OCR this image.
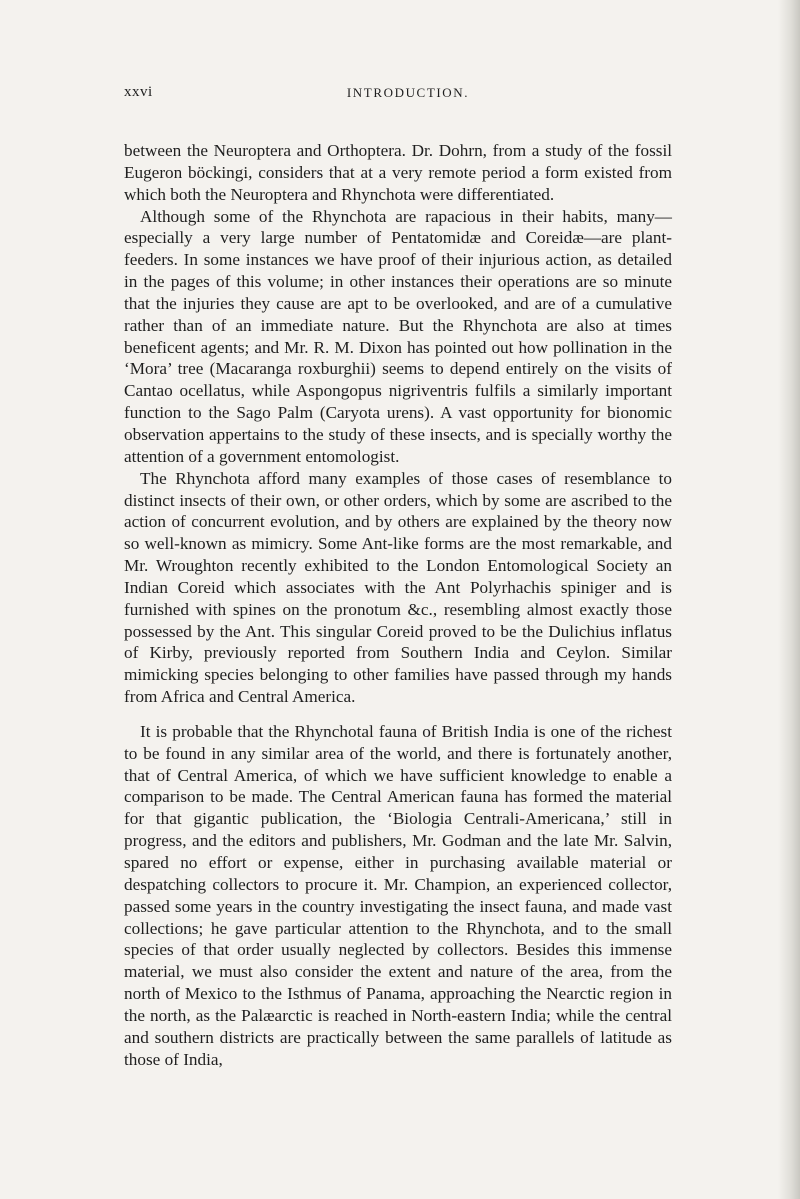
xxvi	INTRODUCTION.

between the Neuroptera and Orthoptera. Dr. Dohrn, from a study of the fossil Eugeron böckingi, considers that at a very remote period a form existed from which both the Neuroptera and Rhynchota were differentiated.

Although some of the Rhynchota are rapacious in their habits, many—especially a very large number of Pentatomidæ and Coreidæ—are plant-feeders. In some instances we have proof of their injurious action, as detailed in the pages of this volume; in other instances their operations are so minute that the injuries they cause are apt to be overlooked, and are of a cumulative rather than of an immediate nature. But the Rhynchota are also at times beneficent agents; and Mr. R. M. Dixon has pointed out how pollination in the ‘Mora’ tree (Macaranga roxburghii) seems to depend entirely on the visits of Cantao ocellatus, while Aspongopus nigriventris fulfils a similarly important function to the Sago Palm (Caryota urens). A vast opportunity for bionomic observation appertains to the study of these insects, and is specially worthy the attention of a government entomologist.

The Rhynchota afford many examples of those cases of resemblance to distinct insects of their own, or other orders, which by some are ascribed to the action of concurrent evolution, and by others are explained by the theory now so well-known as mimicry. Some Ant-like forms are the most remarkable, and Mr. Wroughton recently exhibited to the London Entomological Society an Indian Coreid which associates with the Ant Polyrhachis spiniger and is furnished with spines on the pronotum &c., resembling almost exactly those possessed by the Ant. This singular Coreid proved to be the Dulichius inflatus of Kirby, previously reported from Southern India and Ceylon. Similar mimicking species belonging to other families have passed through my hands from Africa and Central America.

It is probable that the Rhynchotal fauna of British India is one of the richest to be found in any similar area of the world, and there is fortunately another, that of Central America, of which we have sufficient knowledge to enable a comparison to be made. The Central American fauna has formed the material for that gigantic publication, the ‘Biologia Centrali-Americana,’ still in progress, and the editors and publishers, Mr. Godman and the late Mr. Salvin, spared no effort or expense, either in purchasing available material or despatching collectors to procure it. Mr. Champion, an experienced collector, passed some years in the country investigating the insect fauna, and made vast collections; he gave particular attention to the Rhynchota, and to the small species of that order usually neglected by collectors. Besides this immense material, we must also consider the extent and nature of the area, from the north of Mexico to the Isthmus of Panama, approaching the Nearctic region in the north, as the Palæarctic is reached in North-eastern India; while the central and southern districts are practically between the same parallels of latitude as those of India,
